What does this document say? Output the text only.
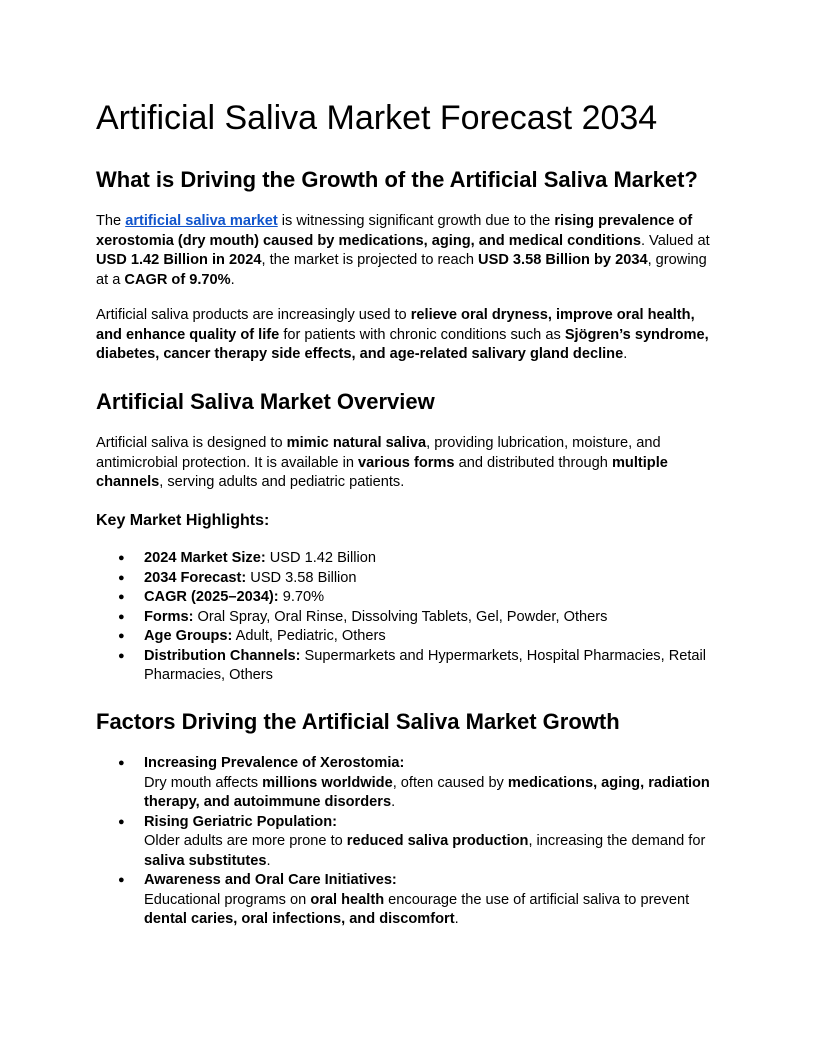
Artificial Saliva Market Forecast 2034
What is Driving the Growth of the Artificial Saliva Market?

The artificial saliva market is witnessing significant growth due to the rising prevalence of xerostomia (dry mouth) caused by medications, aging, and medical conditions. Valued at USD 1.42 Billion in 2024, the market is projected to reach USD 3.58 Billion by 2034, growing at a CAGR of 9.70%.

Artificial saliva products are increasingly used to relieve oral dryness, improve oral health, and enhance quality of life for patients with chronic conditions such as Sjögren’s syndrome, diabetes, cancer therapy side effects, and age-related salivary gland decline.

Artificial Saliva Market Overview

Artificial saliva is designed to mimic natural saliva, providing lubrication, moisture, and antimicrobial protection. It is available in various forms and distributed through multiple channels, serving adults and pediatric patients.

Key Market Highlights:
● 2024 Market Size: USD 1.42 Billion
● 2034 Forecast: USD 3.58 Billion
● CAGR (2025–2034): 9.70%
● Forms: Oral Spray, Oral Rinse, Dissolving Tablets, Gel, Powder, Others
● Age Groups: Adult, Pediatric, Others
● Distribution Channels: Supermarkets and Hypermarkets, Hospital Pharmacies, Retail Pharmacies, Others
Factors Driving the Artificial Saliva Market Growth
● Increasing Prevalence of Xerostomia:
Dry mouth affects millions worldwide, often caused by medications, aging, radiation therapy, and autoimmune disorders.
● Rising Geriatric Population:
Older adults are more prone to reduced saliva production, increasing the demand for saliva substitutes.
● Awareness and Oral Care Initiatives:
Educational programs on oral health encourage the use of artificial saliva to prevent dental caries, oral infections, and discomfort.
